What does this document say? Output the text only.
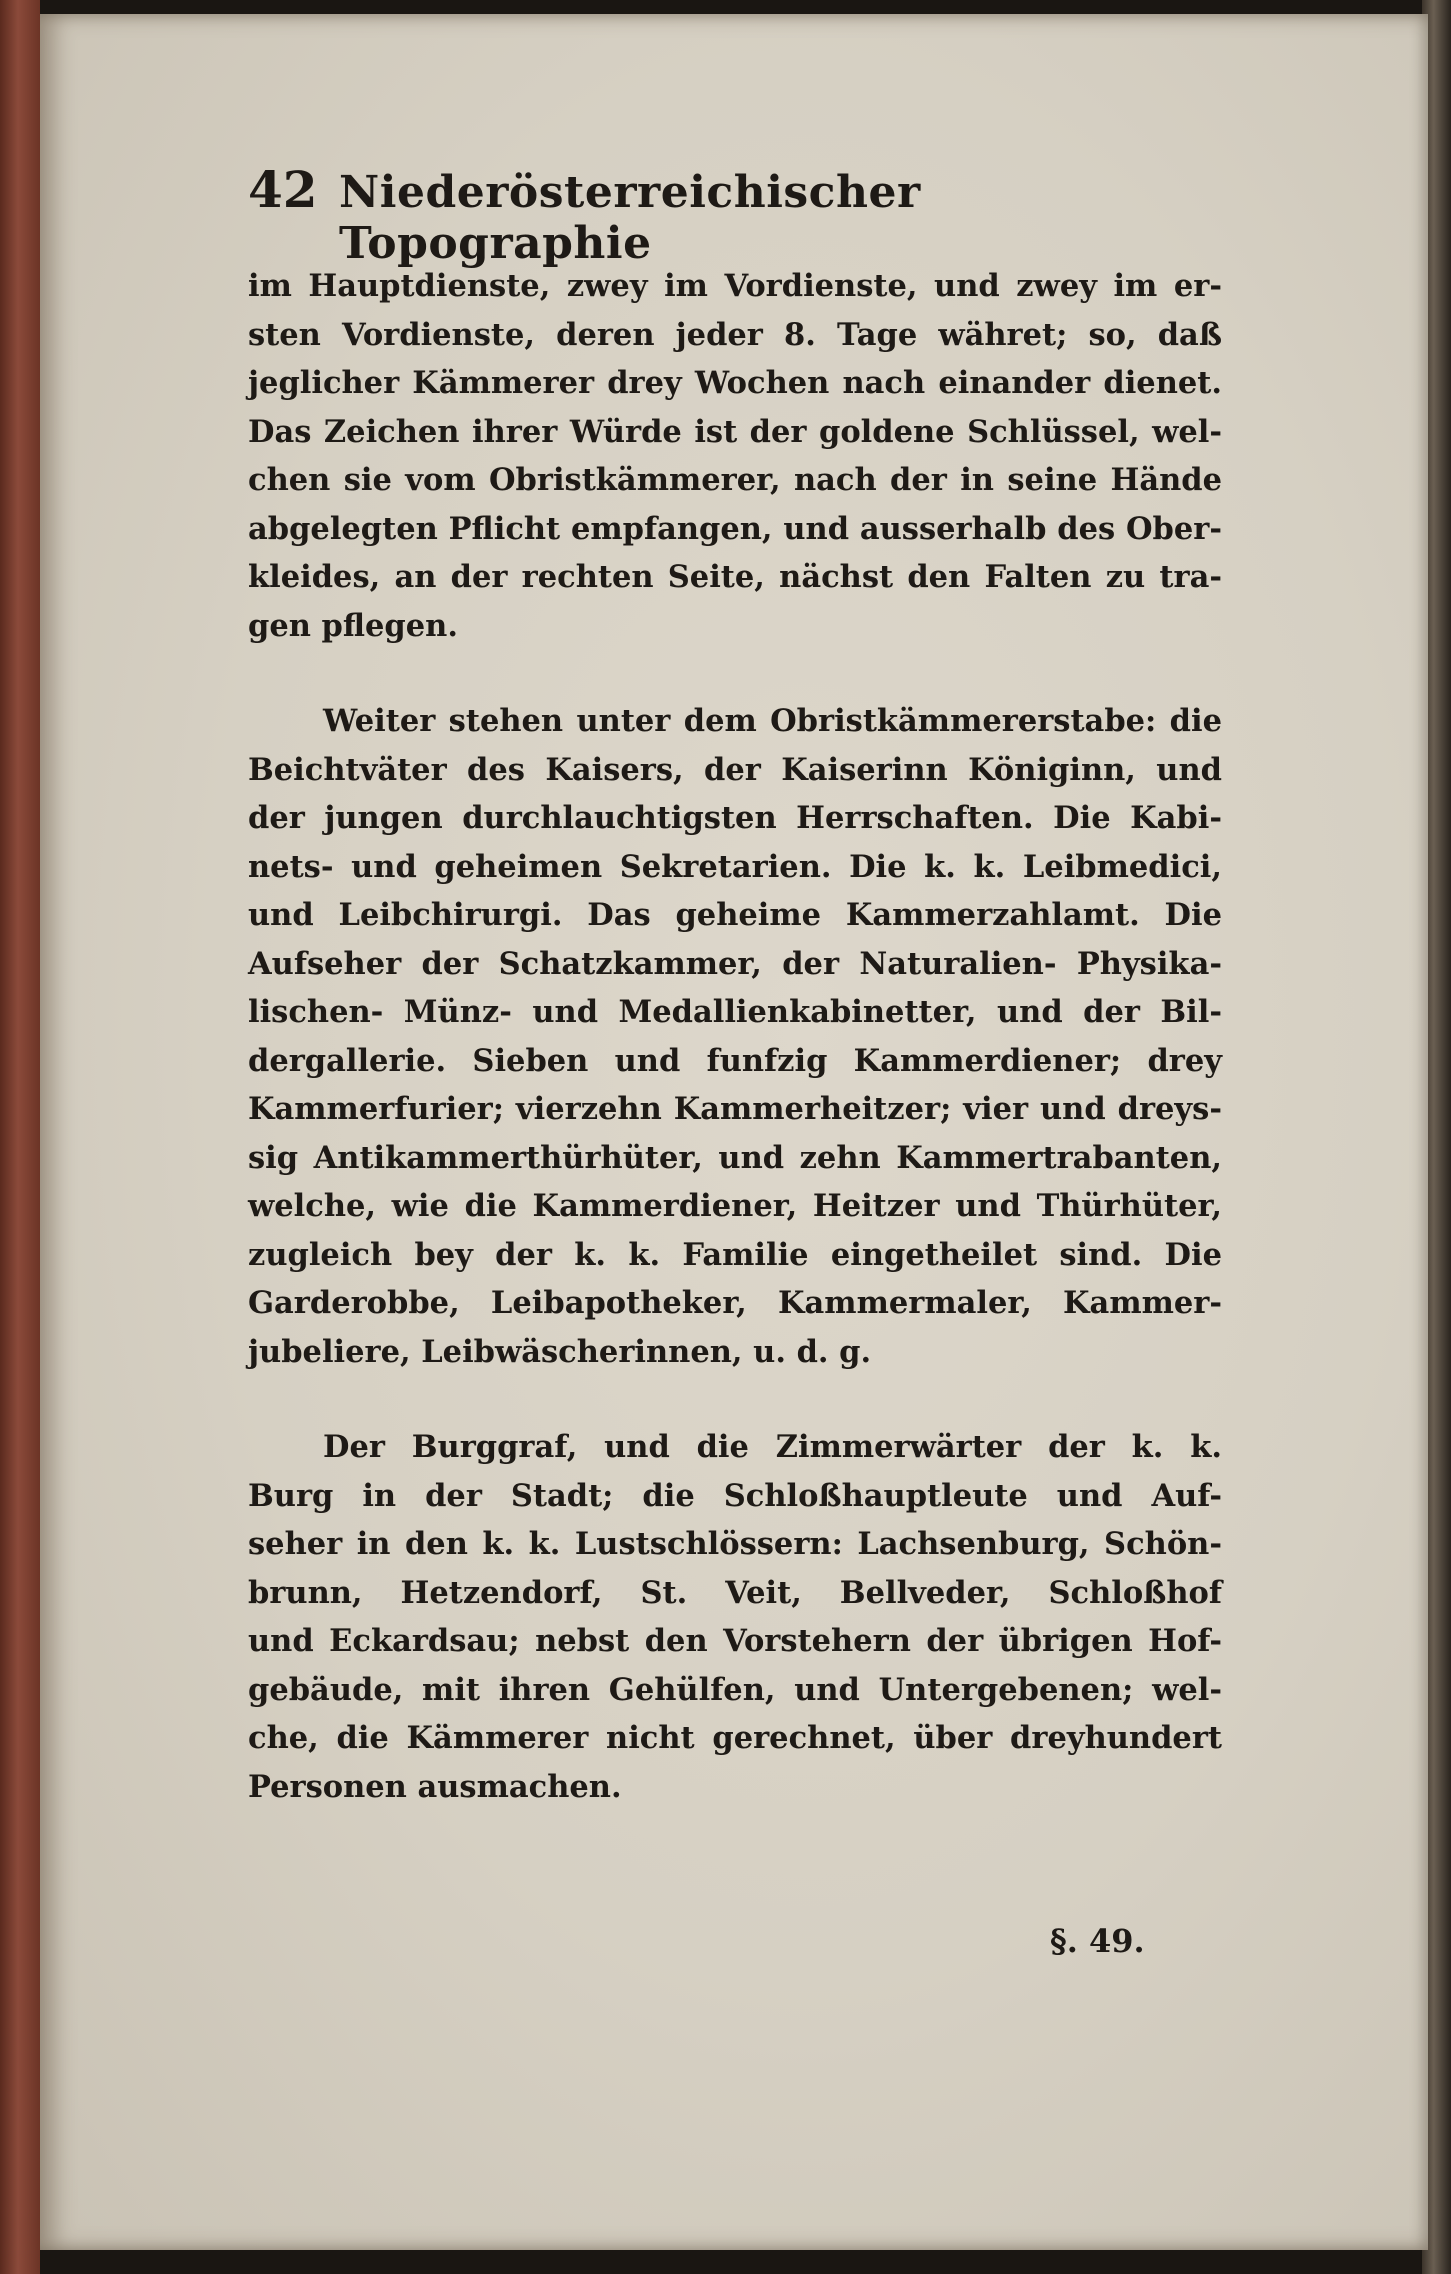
42 Niederösterreichischer Topographie
im Hauptdienste, zwey im Vordienste, und zwey im er-
sten Vordienste, deren jeder 8. Tage währet; so, daß
jeglicher Kämmerer drey Wochen nach einander dienet.
Das Zeichen ihrer Würde ist der goldene Schlüssel, wel-
chen sie vom Obristkämmerer, nach der in seine Hände
abgelegten Pflicht empfangen, und ausserhalb des Ober-
kleides, an der rechten Seite, nächst den Falten zu tra-
gen pflegen.
Weiter stehen unter dem Obristkämmererstabe: die
Beichtväter des Kaisers, der Kaiserinn Königinn, und
der jungen durchlauchtigsten Herrschaften. Die Kabi-
nets- und geheimen Sekretarien. Die k. k. Leibmedici,
und Leibchirurgi. Das geheime Kammerzahlamt. Die
Aufseher der Schatzkammer, der Naturalien- Physika-
lischen- Münz- und Medallienkabinetter, und der Bil-
dergallerie. Sieben und funfzig Kammerdiener; drey
Kammerfurier; vierzehn Kammerheitzer; vier und dreys-
sig Antikammerthürhüter, und zehn Kammertrabanten,
welche, wie die Kammerdiener, Heitzer und Thürhüter,
zugleich bey der k. k. Familie eingetheilet sind. Die
Garderobbe, Leibapotheker, Kammermaler, Kammer-
jubeliere, Leibwäscherinnen, u. d. g.
Der Burggraf, und die Zimmerwärter der k. k.
Burg in der Stadt; die Schloßhauptleute und Auf-
seher in den k. k. Lustschlössern: Lachsenburg, Schön-
brunn, Hetzendorf, St. Veit, Bellveder, Schloßhof
und Eckardsau; nebst den Vorstehern der übrigen Hof-
gebäude, mit ihren Gehülfen, und Untergebenen; wel-
che, die Kämmerer nicht gerechnet, über dreyhundert
Personen ausmachen.
§. 49.
